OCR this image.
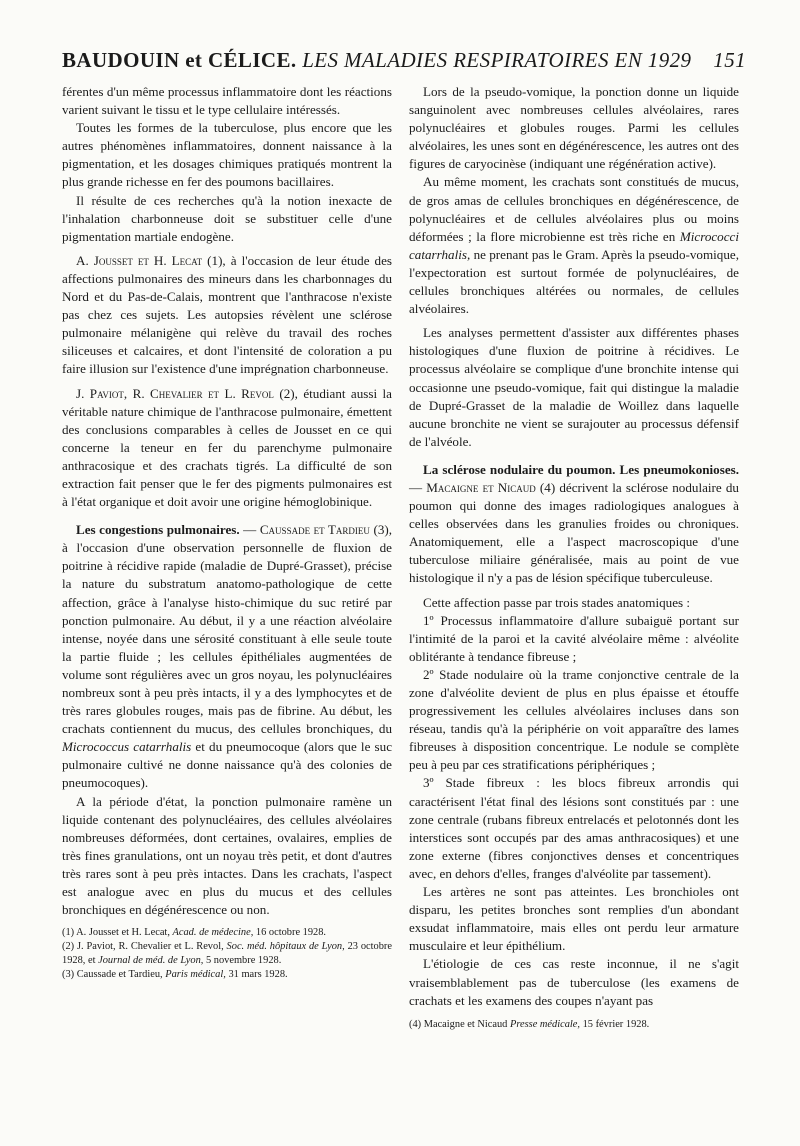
BAUDOUIN et CÉLICE. LES MALADIES RESPIRATOIRES EN 1929 151

férentes d'un même processus inflammatoire dont les réactions varient suivant le tissu et le type cellulaire intéressés.

Toutes les formes de la tuberculose, plus encore que les autres phénomènes inflammatoires, donnent naissance à la pigmentation, et les dosages chimiques pratiqués montrent la plus grande richesse en fer des poumons bacillaires.

Il résulte de ces recherches qu'à la notion inexacte de l'inhalation charbonneuse doit se substituer celle d'une pigmentation martiale endogène.

A. Jousset et H. Lecat (1), à l'occasion de leur étude des affections pulmonaires des mineurs dans les charbonnages du Nord et du Pas-de-Calais, montrent que l'anthracose n'existe pas chez ces sujets. Les autopsies révèlent une sclérose pulmonaire mélanigène qui relève du travail des roches siliceuses et calcaires, et dont l'intensité de coloration a pu faire illusion sur l'existence d'une imprégnation charbonneuse.

J. Paviot, R. Chevalier et L. Revol (2), étudiant aussi la véritable nature chimique de l'anthracose pulmonaire, émettent des conclusions comparables à celles de Jousset en ce qui concerne la teneur en fer du parenchyme pulmonaire anthracosique et des crachats tigrés. La difficulté de son extraction fait penser que le fer des pigments pulmonaires est à l'état organique et doit avoir une origine hémoglobinique.

Les congestions pulmonaires. — Caussade et Tardieu (3), à l'occasion d'une observation personnelle de fluxion de poitrine à récidive rapide (maladie de Dupré-Grasset), précise la nature du substratum anatomo-pathologique de cette affection, grâce à l'analyse histo-chimique du suc retiré par ponction pulmonaire. Au début, il y a une réaction alvéolaire intense, noyée dans une sérosité constituant à elle seule toute la partie fluide ; les cellules épithéliales augmentées de volume sont régulières avec un gros noyau, les polynucléaires nombreux sont à peu près intacts, il y a des lymphocytes et de très rares globules rouges, mais pas de fibrine. Au début, les crachats contiennent du mucus, des cellules bronchiques, du Micrococcus catarrhalis et du pneumocoque (alors que le suc pulmonaire cultivé ne donne naissance qu'à des colonies de pneumocoques).

A la période d'état, la ponction pulmonaire ramène un liquide contenant des polynucléaires, des cellules alvéolaires nombreuses déformées, dont certaines, ovalaires, emplies de très fines granulations, ont un noyau très petit, et dont d'autres très rares sont à peu près intactes. Dans les crachats, l'aspect est analogue avec en plus du mucus et des cellules bronchiques en dégénérescence ou non.

(1) A. Jousset et H. Lecat, Acad. de médecine, 16 octobre 1928.

(2) J. Paviot, R. Chevalier et L. Revol, Soc. méd. hôpitaux de Lyon, 23 octobre 1928, et Journal de méd. de Lyon, 5 novembre 1928.

(3) Caussade et Tardieu, Paris médical, 31 mars 1928.

Lors de la pseudo-vomique, la ponction donne un liquide sanguinolent avec nombreuses cellules alvéolaires, rares polynucléaires et globules rouges. Parmi les cellules alvéolaires, les unes sont en dégénérescence, les autres ont des figures de caryocinèse (indiquant une régénération active).

Au même moment, les crachats sont constitués de mucus, de gros amas de cellules bronchiques en dégénérescence, de polynucléaires et de cellules alvéolaires plus ou moins déformées ; la flore microbienne est très riche en Micrococci catarrhalis, ne prenant pas le Gram. Après la pseudo-vomique, l'expectoration est surtout formée de polynucléaires, de cellules bronchiques altérées ou normales, de cellules alvéolaires.

Les analyses permettent d'assister aux différentes phases histologiques d'une fluxion de poitrine à récidives. Le processus alvéolaire se complique d'une bronchite intense qui occasionne une pseudo-vomique, fait qui distingue la maladie de Dupré-Grasset de la maladie de Woillez dans laquelle aucune bronchite ne vient se surajouter au processus défensif de l'alvéole.

La sclérose nodulaire du poumon. Les pneumokonioses. — Macaigne et Nicaud (4) décrivent la sclérose nodulaire du poumon qui donne des images radiologiques analogues à celles observées dans les granulies froides ou chroniques. Anatomiquement, elle a l'aspect macroscopique d'une tuberculose miliaire généralisée, mais au point de vue histologique il n'y a pas de lésion spécifique tuberculeuse.

Cette affection passe par trois stades anatomiques :

1º Processus inflammatoire d'allure subaiguë portant sur l'intimité de la paroi et la cavité alvéolaire même : alvéolite oblitérante à tendance fibreuse ;

2º Stade nodulaire où la trame conjonctive centrale de la zone d'alvéolite devient de plus en plus épaisse et étouffe progressivement les cellules alvéolaires incluses dans son réseau, tandis qu'à la périphérie on voit apparaître des lames fibreuses à disposition concentrique. Le nodule se complète peu à peu par ces stratifications périphériques ;

3º Stade fibreux : les blocs fibreux arrondis qui caractérisent l'état final des lésions sont constitués par : une zone centrale (rubans fibreux entrelacés et pelotonnés dont les interstices sont occupés par des amas anthracosiques) et une zone externe (fibres conjonctives denses et concentriques avec, en dehors d'elles, franges d'alvéolite par tassement).

Les artères ne sont pas atteintes. Les bronchioles ont disparu, les petites bronches sont remplies d'un abondant exsudat inflammatoire, mais elles ont perdu leur armature musculaire et leur épithélium.

L'étiologie de ces cas reste inconnue, il ne s'agit vraisemblablement pas de tuberculose (les examens de crachats et les examens des coupes n'ayant pas

(4) Macaigne et Nicaud Presse médicale, 15 février 1928.
